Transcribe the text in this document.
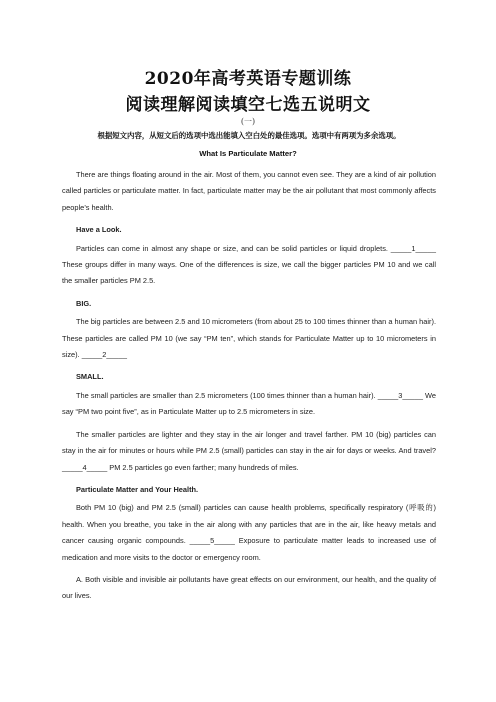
2020年高考英语专题训练
阅读理解阅读填空七选五说明文
(一)
根据短文内容，从短文后的选项中选出能填入空白处的最佳选项。选项中有两项为多余选项。
What Is Particulate Matter?

There are things floating around in the air. Most of them, you cannot even see. They are a kind of air pollution called particles or particulate matter. In fact, particulate matter may be the air pollutant that most commonly affects people’s health.

Have a Look.

Particles can come in almost any shape or size, and can be solid particles or liquid droplets. _____1_____ These groups differ in many ways. One of the differences is size, we call the bigger particles PM 10 and we call the smaller particles PM 2.5.

BIG.

The big particles are between 2.5 and 10 micrometers (from about 25 to 100 times thinner than a human hair). These particles are called PM 10 (we say “PM ten”, which stands for Particulate Matter up to 10 micrometers in size). _____2_____

SMALL.

The small particles are smaller than 2.5 micrometers (100 times thinner than a human hair). _____3_____ We say “PM two point five”, as in Particulate Matter up to 2.5 micrometers in size.

The smaller particles are lighter and they stay in the air longer and travel farther. PM 10 (big) particles can stay in the air for minutes or hours while PM 2.5 (small) particles can stay in the air for days or weeks. And travel? _____4_____ PM 2.5 particles go even farther; many hundreds of miles.

Particulate Matter and Your Health.

Both PM 10 (big) and PM 2.5 (small) particles can cause health problems, specifically respiratory (呼吸的) health. When you breathe, you take in the air along with any particles that are in the air, like heavy metals and cancer causing organic compounds. _____5_____ Exposure to particulate matter leads to increased use of medication and more visits to the doctor or emergency room.

A. Both visible and invisible air pollutants have great effects on our environment, our health, and the quality of our lives.
